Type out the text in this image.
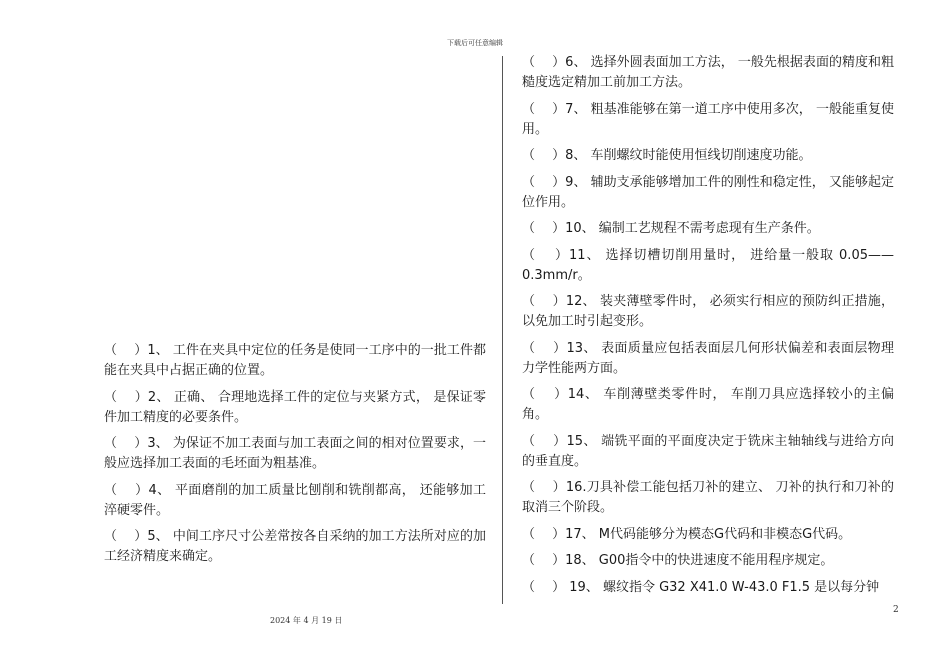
下载后可任意编辑

（　 ）1、 工件在夹具中定位的任务是使同一工序中的一批工件都能在夹具中占据正确的位置。

（　 ）2、 正确、 合理地选择工件的定位与夹紧方式， 是保证零件加工精度的必要条件。

（　 ）3、 为保证不加工表面与加工表面之间的相对位置要求，一般应选择加工表面的毛坯面为粗基准。

（　 ）4、 平面磨削的加工质量比刨削和铣削都高， 还能够加工淬硬零件。

（　 ）5、 中间工序尺寸公差常按各自采纳的加工方法所对应的加工经济精度来确定。

（　 ）6、 选择外圆表面加工方法， 一般先根据表面的精度和粗糙度选定精加工前加工方法。

（　 ）7、 粗基准能够在第一道工序中使用多次， 一般能重复使用。

（　 ）8、 车削螺纹时能使用恒线切削速度功能。

（　 ）9、 辅助支承能够增加工件的刚性和稳定性， 又能够起定位作用。

（　 ）10、 编制工艺规程不需考虑现有生产条件。

（　 ）11、 选择切槽切削用量时， 进给量一般取 0.05——0.3mm/r。

（　 ）12、 装夹薄壁零件时， 必须实行相应的预防纠正措施，以免加工时引起变形。

（　 ）13、 表面质量应包括表面层几何形状偏差和表面层物理力学性能两方面。

（　 ）14、 车削薄壁类零件时， 车削刀具应选择较小的主偏角。

（　 ）15、 端铣平面的平面度决定于铣床主轴轴线与进给方向的垂直度。

（　 ）16.刀具补偿工能包括刀补的建立、 刀补的执行和刀补的取消三个阶段。

（　 ）17、 M代码能够分为模态G代码和非模态G代码。

（　 ）18、 G00指令中的快进速度不能用程序规定。

（　 ） 19、 螺纹指令 G32 X41.0 W-43.0 F1.5 是以每分钟

2024 年 4 月 19 日
2
